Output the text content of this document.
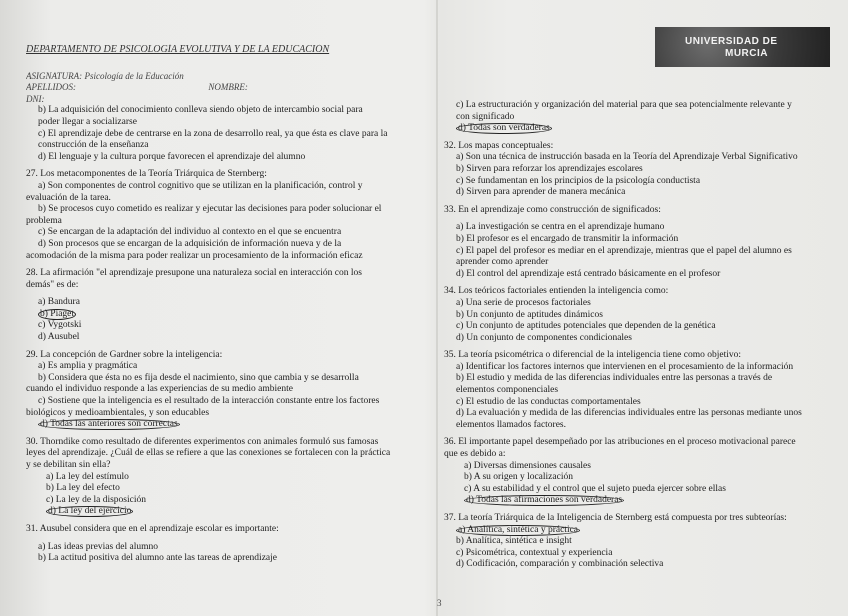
UNIVERSIDAD DE
MURCIA
DEPARTAMENTO DE PSICOLOGÍA EVOLUTIVA Y DE LA EDUCACIÓN
ASIGNATURA: Psicología de la Educación
APELLIDOS:	NOMBRE:
DNI:
b) La adquisición del conocimiento conlleva siendo objeto de intercambio social para
poder llegar a socializarse
c) El aprendizaje debe de centrarse en la zona de desarrollo real, ya que ésta es clave para la
construcción de la enseñanza
d) El lenguaje y la cultura porque favorecen el aprendizaje del alumno
27. Los metacomponentes de la Teoría Triárquica de Sternberg:
a) Son componentes de control cognitivo que se utilizan en la planificación, control y
evaluación de la tarea.
b) Se procesos cuyo cometido es realizar y ejecutar las decisiones para poder solucionar el
problema
c) Se encargan de la adaptación del individuo al contexto en el que se encuentra
d) Son procesos que se encargan de la adquisición de información nueva y de la
acomodación de la misma para poder realizar un procesamiento de la información eficaz
28. La afirmación "el aprendizaje presupone una naturaleza social en interacción con los
demás" es de:
a) Bandura
b) Piaget
c) Vygotski
d) Ausubel
29. La concepción de Gardner sobre la inteligencia:
a) Es amplia y pragmática
b) Considera que ésta no es fija desde el nacimiento, sino que cambia y se desarrolla
cuando el individuo responde a las experiencias de su medio ambiente
c) Sostiene que la inteligencia es el resultado de la interacción constante entre los factores
biológicos y medioambientales, y son educables
d) Todas las anteriores son correctas
30. Thorndike como resultado de diferentes experimentos con animales formuló sus famosas
leyes del aprendizaje. ¿Cuál de ellas se refiere a que las conexiones se fortalecen con la práctica
y se debilitan sin ella?
a) La ley del estímulo
b) La ley del efecto
c) La ley de la disposición
d) La ley del ejercicio
31. Ausubel considera que en el aprendizaje escolar es importante:
a) Las ideas previas del alumno
b) La actitud positiva del alumno ante las tareas de aprendizaje
c) La estructuración y organización del material para que sea potencialmente relevante y
con significado
d) Todas son verdaderas
32. Los mapas conceptuales:
a) Son una técnica de instrucción basada en la Teoría del Aprendizaje Verbal Significativo
b) Sirven para reforzar los aprendizajes escolares
c) Se fundamentan en los principios de la psicología conductista
d) Sirven para aprender de manera mecánica
33. En el aprendizaje como construcción de significados:
a) La investigación se centra en el aprendizaje humano
b) El profesor es el encargado de transmitir la información
c) El papel del profesor es mediar en el aprendizaje, mientras que el papel del alumno es
aprender como aprender
d) El control del aprendizaje está centrado básicamente en el profesor
34. Los teóricos factoriales entienden la inteligencia como:
a) Una serie de procesos factoriales
b) Un conjunto de aptitudes dinámicos
c) Un conjunto de aptitudes potenciales que dependen de la genética
d) Un conjunto de componentes condicionales
35. La teoría psicométrica o diferencial de la inteligencia tiene como objetivo:
a) Identificar los factores internos que intervienen en el procesamiento de la información
b) El estudio y medida de las diferencias individuales entre las personas a través de
elementos componenciales
c) El estudio de las conductas comportamentales
d) La evaluación y medida de las diferencias individuales entre las personas mediante unos
elementos llamados factores.
36. El importante papel desempeñado por las atribuciones en el proceso motivacional parece
que es debido a:
a) Diversas dimensiones causales
b) A su origen y localización
c) A su estabilidad y el control que el sujeto pueda ejercer sobre ellas
d) Todas las afirmaciones son verdaderas
37. La teoría Triárquica de la Inteligencia de Sternberg está compuesta por tres subteorías:
a) Analítica, sintética y práctica
b) Analítica, sintética e insight
c) Psicométrica, contextual y experiencia
d) Codificación, comparación y combinación selectiva
3
